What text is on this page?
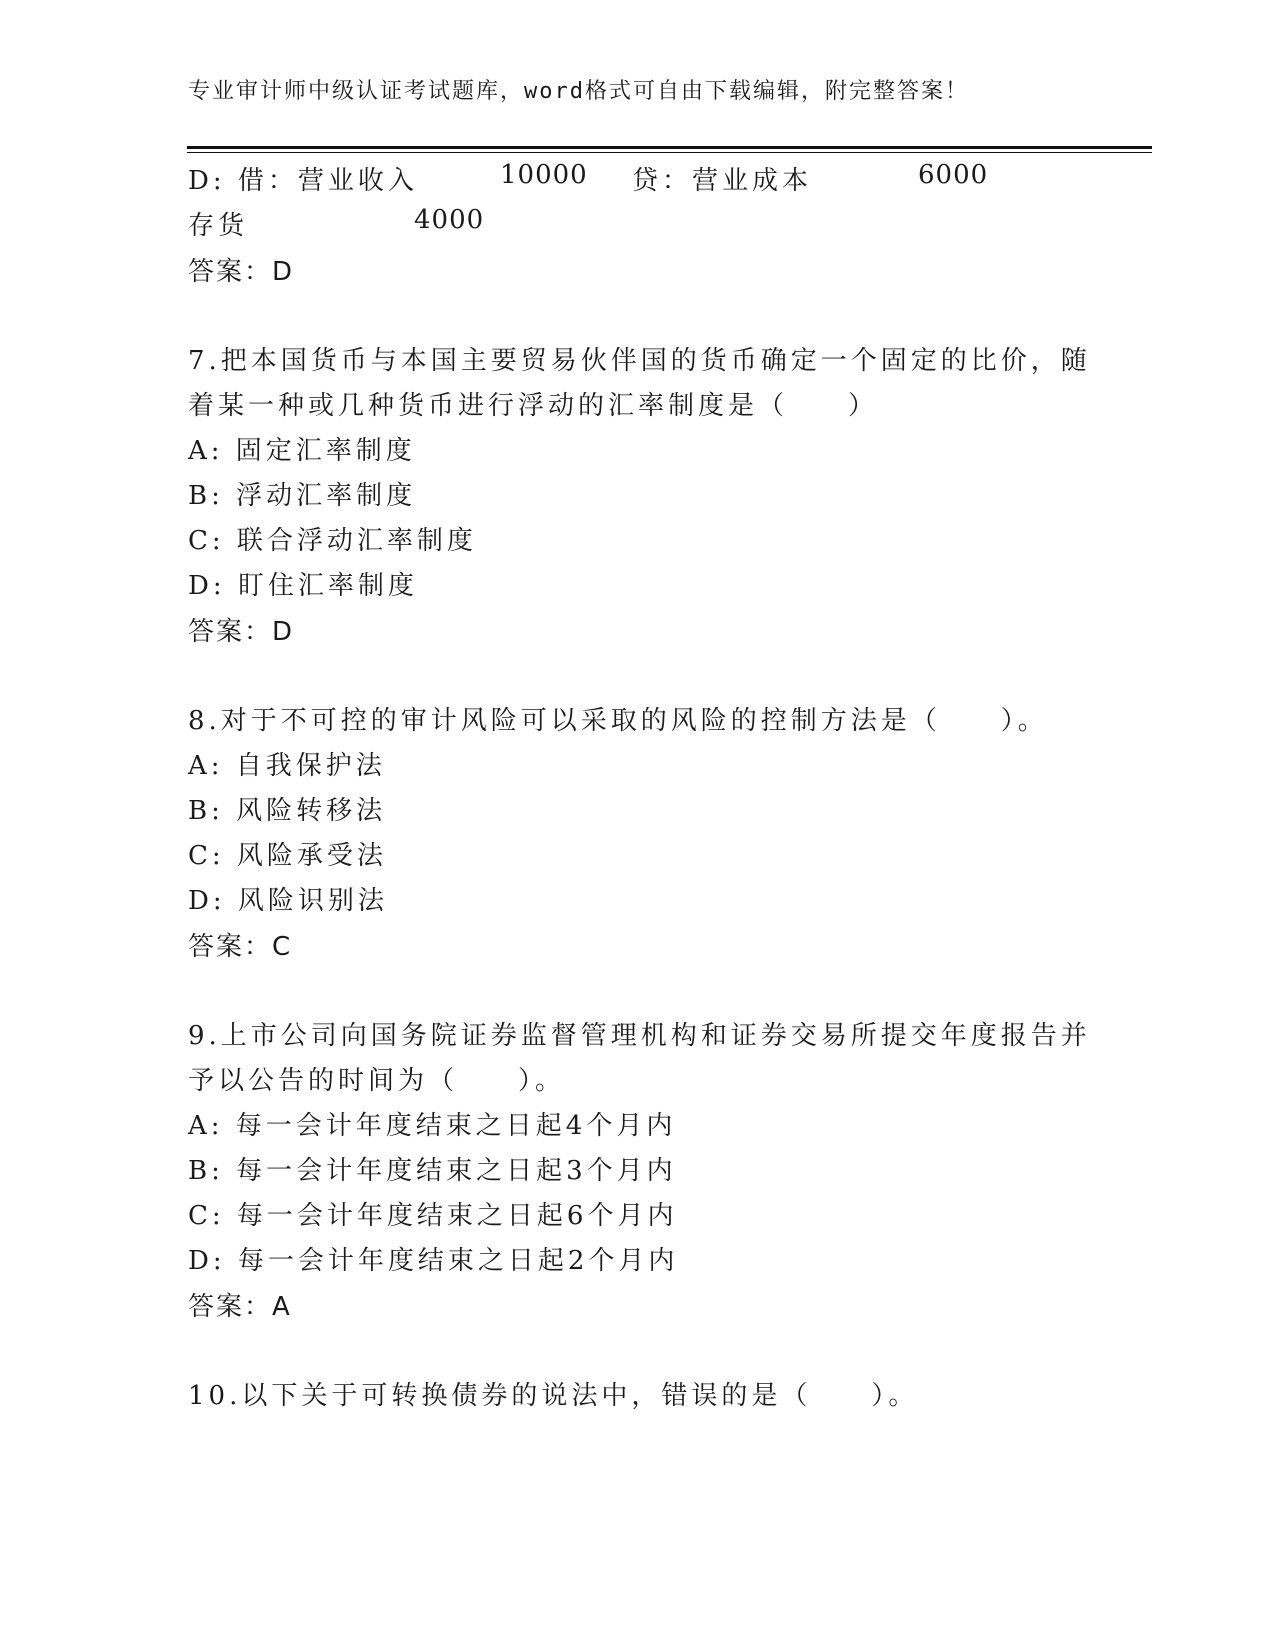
专业审计师中级认证考试题库，word格式可自由下载编辑，附完整答案！
D: 借：营业收入	10000 贷：营业成本	6000
存货	4000
答案：D
7.把本国货币与本国主要贸易伙伴国的货币确定一个固定的比价，随
着某一种或几种货币进行浮动的汇率制度是（　　）
A: 固定汇率制度
B: 浮动汇率制度
C: 联合浮动汇率制度
D: 盯住汇率制度
答案：D
8.对于不可控的审计风险可以采取的风险的控制方法是（　　）。
A: 自我保护法
B: 风险转移法
C: 风险承受法
D: 风险识别法
答案：C
9.上市公司向国务院证券监督管理机构和证券交易所提交年度报告并
予以公告的时间为（　　）。
A: 每一会计年度结束之日起4个月内
B: 每一会计年度结束之日起3个月内
C: 每一会计年度结束之日起6个月内
D: 每一会计年度结束之日起2个月内
答案：A
10.以下关于可转换债券的说法中，错误的是（　　）。
